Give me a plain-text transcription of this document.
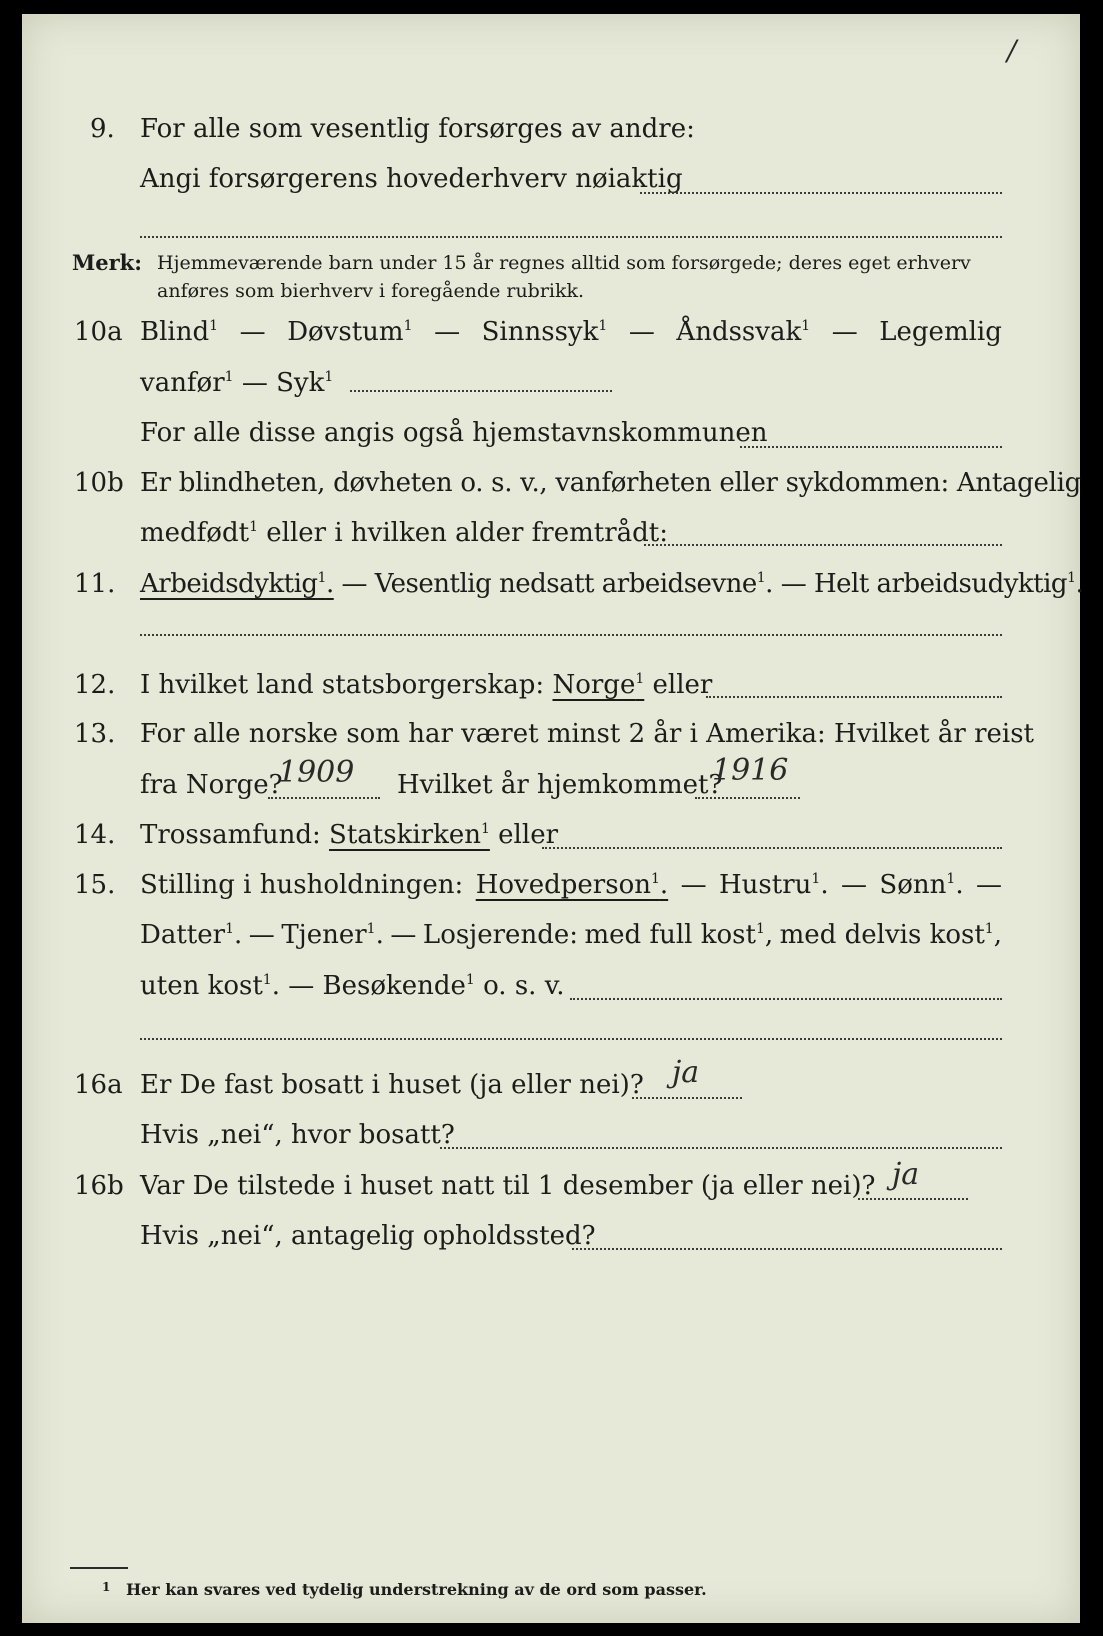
/
9. For alle som vesentlig forsørges av andre:
Angi forsørgerens hovederhverv nøiaktig
Merk: Hjemmeværende barn under 15 år regnes alltid som forsørgede; deres eget erhverv
anføres som bierhverv i foregående rubrikk.
10a Blind$^1$ — Døvstum$^1$ — Sinnssyk$^1$ — Åndssvak$^1$ — Legemlig
vanfør$^1$ — Syk$^1$
For alle disse angis også hjemstavnskommunen
10b Er blindheten, døvheten o. s. v., vanførheten eller sykdommen: Antagelig
medfødt$^1$ eller i hvilken alder fremtrådt:
11. Arbeidsdyktig$^1$. — Vesentlig nedsatt arbeidsevne$^1$. — Helt arbeidsudyktig$^1$.
12. I hvilket land statsborgerskap: Norge$^1$ eller
13. For alle norske som har været minst 2 år i Amerika: Hvilket år reist
fra Norge?
1909 Hvilket år hjemkommet?
1916
14. Trossamfund: Statskirken$^1$ eller
15. Stilling i husholdningen: Hovedperson$^1$. — Hustru$^1$. — Sønn$^1$. —
Datter$^1$. — Tjener$^1$. — Losjerende: med full kost$^1$, med delvis kost$^1$,
uten kost$^1$. — Besøkende$^1$ o. s. v.
16a Er De fast bosatt i huset (ja eller nei)? ja
Hvis „nei“, hvor bosatt?
16b Var De tilstede i huset natt til 1 desember (ja eller nei)? ja
Hvis „nei“, antagelig opholdssted?
$^1$ Her kan svares ved tydelig understrekning av de ord som passer.
